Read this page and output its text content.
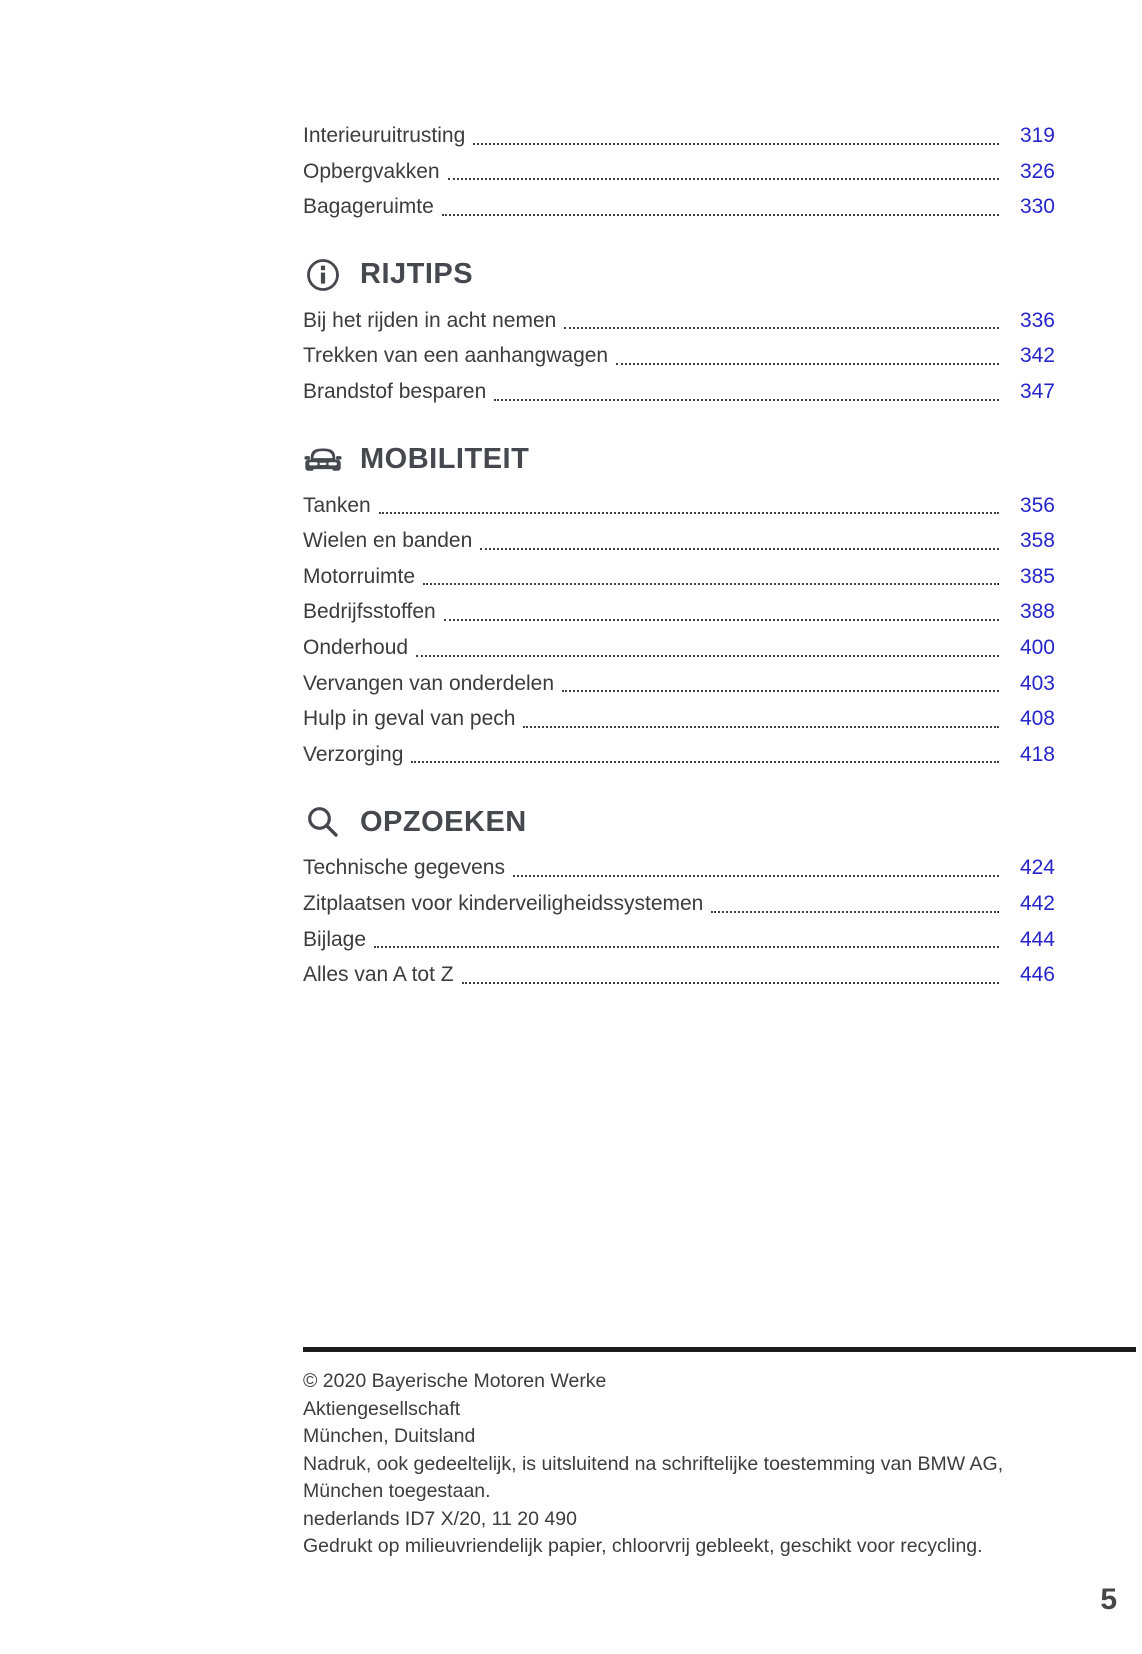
Interieuruitrusting	319
Opbergvakken	326
Bagageruimte	330
RIJTIPS
Bij het rijden in acht nemen	336
Trekken van een aanhangwagen	342
Brandstof besparen	347
MOBILITEIT
Tanken	356
Wielen en banden	358
Motorruimte	385
Bedrijfsstoffen	388
Onderhoud	400
Vervangen van onderdelen	403
Hulp in geval van pech	408
Verzorging	418
OPZOEKEN
Technische gegevens	424
Zitplaatsen voor kinderveiligheidssystemen	442
Bijlage	444
Alles van A tot Z	446
© 2020 Bayerische Motoren Werke
Aktiengesellschaft
München, Duitsland
Nadruk, ook gedeeltelijk, is uitsluitend na schriftelijke toestemming van BMW AG, München toegestaan.
nederlands ID7 X/20, 11 20 490
Gedrukt op milieuvriendelijk papier, chloorvrij gebleekt, geschikt voor recycling.
5
